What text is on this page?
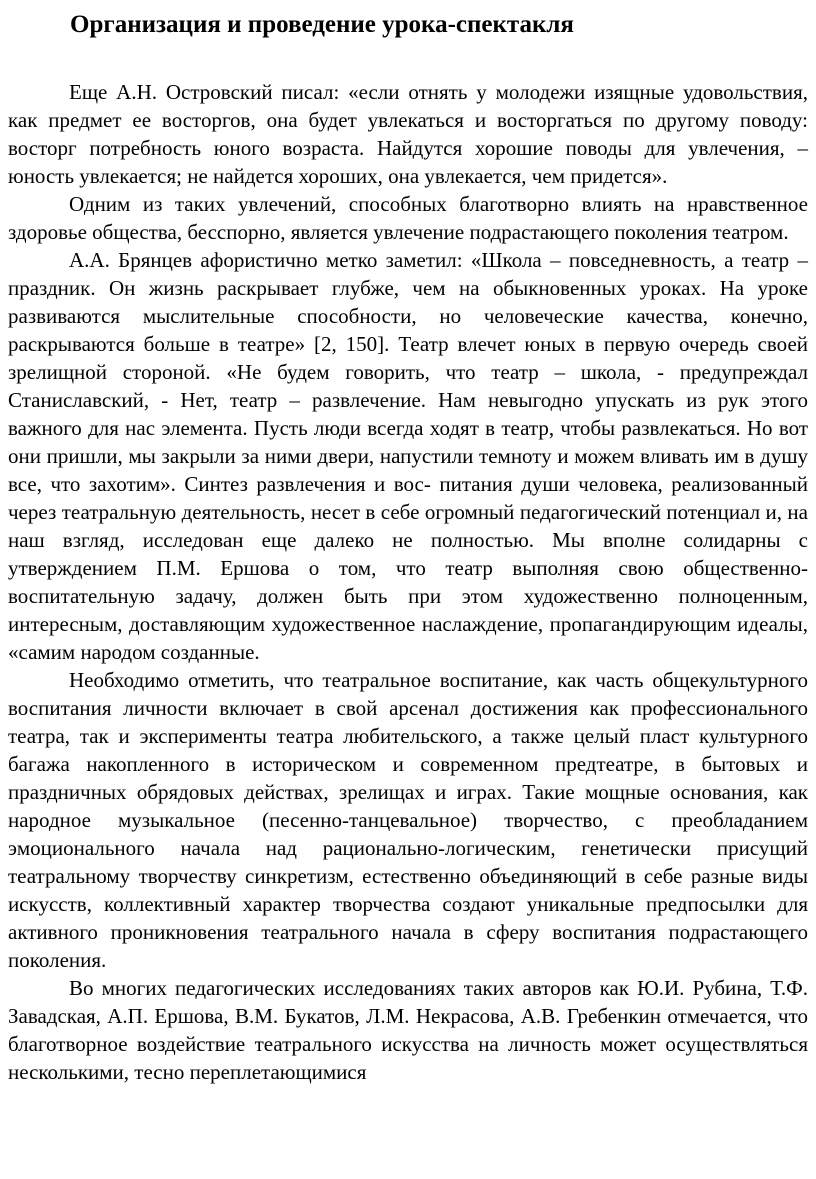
Организация и проведение урока-спектакля

Еще А.Н. Островский писал: «если отнять у молодежи изящные удовольствия, как предмет ее восторгов, она будет увлекаться и восторгаться по другому поводу: восторг потребность юного возраста. Найдутся хорошие поводы для увлечения, – юность увлекается; не найдется хороших, она увлекается, чем придется».

Одним из таких увлечений, способных благотворно влиять на нравственное здоровье общества, бесспорно, является увлечение подрастающего поколения театром.

А.А. Брянцев афористично метко заметил: «Школа – повседневность, а театр – праздник. Он жизнь раскрывает глубже, чем на обыкновенных уроках. На уроке развиваются мыслительные способности, но человеческие качества, конечно, раскрываются больше в театре» [2, 150]. Театр влечет юных в первую очередь своей зрелищной стороной. «Не будем говорить, что театр – школа, - предупреждал Станиславский, - Нет, театр – развлечение. Нам невыгодно упускать из рук этого важного для нас элемента. Пусть люди всегда ходят в театр, чтобы развлекаться. Но вот они пришли, мы закрыли за ними двери, напустили темноту и можем вливать им в душу все, что захотим». Синтез развлечения и вос- питания души человека, реализованный через театральную деятельность, несет в себе огромный педагогический потенциал и, на наш взгляд, исследован еще далеко не полностью. Мы вполне солидарны с утверждением П.М. Ершова о том, что театр выполняя свою общественно-воспитательную задачу, должен быть при этом художественно полноценным, интересным, доставляющим художественное наслаждение, пропагандирующим идеалы, «самим народом созданные.

Необходимо отметить, что театральное воспитание, как часть общекультурного воспитания личности включает в свой арсенал достижения как профессионального театра, так и эксперименты театра любительского, а также целый пласт культурного багажа накопленного в историческом и современном предтеатре, в бытовых и праздничных обрядовых действах, зрелищах и играх. Такие мощные основания, как народное музыкальное (песенно-танцевальное) творчество, с преобладанием эмоционального начала над рационально-логическим, генетически присущий театральному творчеству синкретизм, естественно объединяющий в себе разные виды искусств, коллективный характер творчества создают уникальные предпосылки для активного проникновения театрального начала в сферу воспитания подрастающего поколения.

Во многих педагогических исследованиях таких авторов как Ю.И. Рубина, Т.Ф. Завадская, А.П. Ершова, В.М. Букатов, Л.М. Некрасова, А.В. Гребенкин отмечается, что благотворное воздействие театрального искусства на личность может осуществляться несколькими, тесно переплетающимися
